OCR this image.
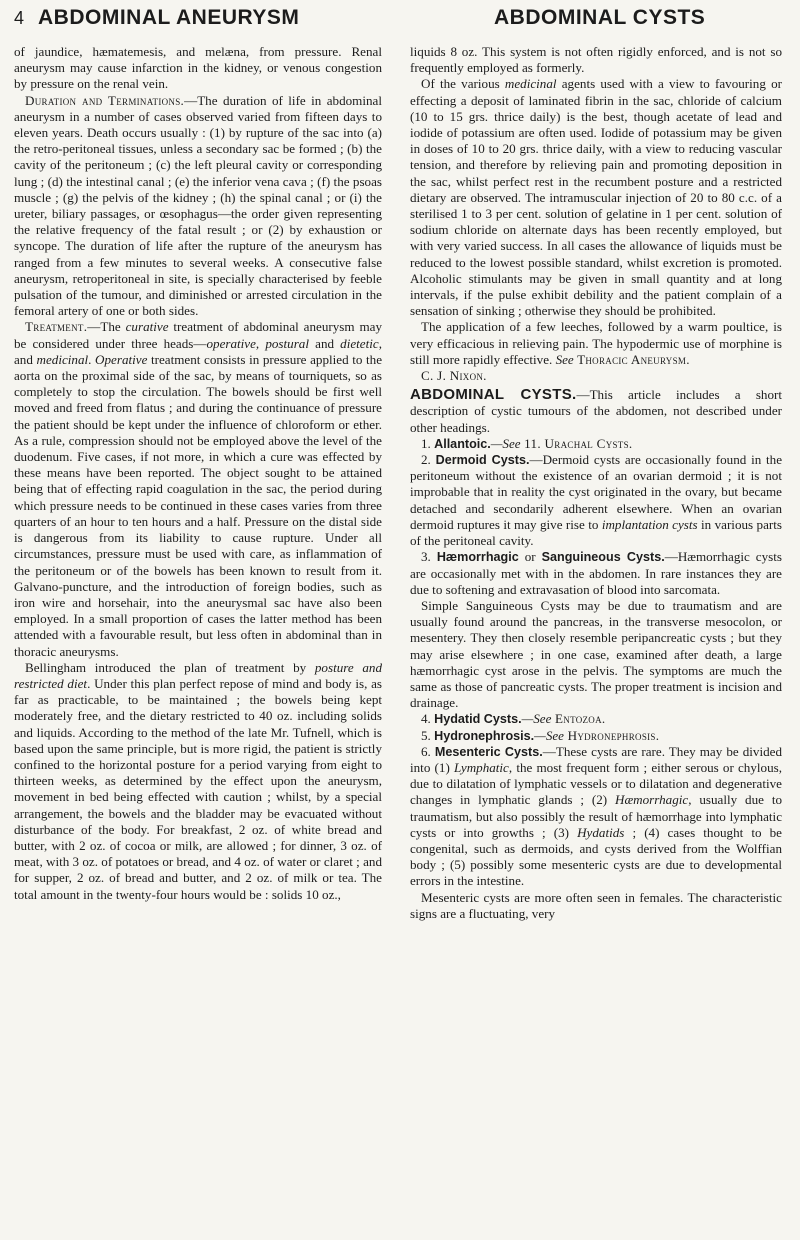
4 ABDOMINAL ANEURYSM	ABDOMINAL CYSTS

of jaundice, hæmatemesis, and melæna, from pressure. Renal aneurysm may cause infarction in the kidney, or venous congestion by pressure on the renal vein.

Duration and Terminations.—The duration of life in abdominal aneurysm in a number of cases observed varied from fifteen days to eleven years. Death occurs usually : (1) by rupture of the sac into (a) the retro-peritoneal tissues, unless a secondary sac be formed ; (b) the cavity of the peritoneum ; (c) the left pleural cavity or corresponding lung ; (d) the intestinal canal ; (e) the inferior vena cava ; (f) the psoas muscle ; (g) the pelvis of the kidney ; (h) the spinal canal ; or (i) the ureter, biliary passages, or œsophagus—the order given representing the relative frequency of the fatal result ; or (2) by exhaustion or syncope. The duration of life after the rupture of the aneurysm has ranged from a few minutes to several weeks. A consecutive false aneurysm, retroperitoneal in site, is specially characterised by feeble pulsation of the tumour, and diminished or arrested circulation in the femoral artery of one or both sides.

Treatment.—The curative treatment of abdominal aneurysm may be considered under three heads—operative, postural and dietetic, and medicinal. Operative treatment consists in pressure applied to the aorta on the proximal side of the sac, by means of tourniquets, so as completely to stop the circulation. The bowels should be first well moved and freed from flatus ; and during the continuance of pressure the patient should be kept under the influence of chloroform or ether. As a rule, compression should not be employed above the level of the duodenum. Five cases, if not more, in which a cure was effected by these means have been reported. The object sought to be attained being that of effecting rapid coagulation in the sac, the period during which pressure needs to be continued in these cases varies from three quarters of an hour to ten hours and a half. Pressure on the distal side is dangerous from its liability to cause rupture. Under all circumstances, pressure must be used with care, as inflammation of the peritoneum or of the bowels has been known to result from it. Galvano-puncture, and the introduction of foreign bodies, such as iron wire and horsehair, into the aneurysmal sac have also been employed. In a small proportion of cases the latter method has been attended with a favourable result, but less often in abdominal than in thoracic aneurysms.

Bellingham introduced the plan of treatment by posture and restricted diet. Under this plan perfect repose of mind and body is, as far as practicable, to be maintained ; the bowels being kept moderately free, and the dietary restricted to 40 oz. including solids and liquids. According to the method of the late Mr. Tufnell, which is based upon the same principle, but is more rigid, the patient is strictly confined to the horizontal posture for a period varying from eight to thirteen weeks, as determined by the effect upon the aneurysm, movement in bed being effected with caution ; whilst, by a special arrangement, the bowels and the bladder may be evacuated without disturbance of the body. For breakfast, 2 oz. of white bread and butter, with 2 oz. of cocoa or milk, are allowed ; for dinner, 3 oz. of meat, with 3 oz. of potatoes or bread, and 4 oz. of water or claret ; and for supper, 2 oz. of bread and butter, and 2 oz. of milk or tea. The total amount in the twenty-four hours would be : solids 10 oz.,

liquids 8 oz. This system is not often rigidly enforced, and is not so frequently employed as formerly.

Of the various medicinal agents used with a view to favouring or effecting a deposit of laminated fibrin in the sac, chloride of calcium (10 to 15 grs. thrice daily) is the best, though acetate of lead and iodide of potassium are often used. Iodide of potassium may be given in doses of 10 to 20 grs. thrice daily, with a view to reducing vascular tension, and therefore by relieving pain and promoting deposition in the sac, whilst perfect rest in the recumbent posture and a restricted dietary are observed. The intramuscular injection of 20 to 80 c.c. of a sterilised 1 to 3 per cent. solution of gelatine in 1 per cent. solution of sodium chloride on alternate days has been recently employed, but with very varied success. In all cases the allowance of liquids must be reduced to the lowest possible standard, whilst excretion is promoted. Alcoholic stimulants may be given in small quantity and at long intervals, if the pulse exhibit debility and the patient complain of a sensation of sinking ; otherwise they should be prohibited.

The application of a few leeches, followed by a warm poultice, is very efficacious in relieving pain. The hypodermic use of morphine is still more rapidly effective. See Thoracic Aneurysm.

C. J. Nixon.

ABDOMINAL CYSTS.—This article includes a short description of cystic tumours of the abdomen, not described under other headings.

1. Allantoic.—See 11. Urachal Cysts.

2. Dermoid Cysts.—Dermoid cysts are occasionally found in the peritoneum without the existence of an ovarian dermoid ; it is not improbable that in reality the cyst originated in the ovary, but became detached and secondarily adherent elsewhere. When an ovarian dermoid ruptures it may give rise to implantation cysts in various parts of the peritoneal cavity.

3. Hæmorrhagic or Sanguineous Cysts.—Hæmorrhagic cysts are occasionally met with in the abdomen. In rare instances they are due to softening and extravasation of blood into sarcomata.

Simple Sanguineous Cysts may be due to traumatism and are usually found around the pancreas, in the transverse mesocolon, or mesentery. They then closely resemble peripancreatic cysts ; but they may arise elsewhere ; in one case, examined after death, a large hæmorrhagic cyst arose in the pelvis. The symptoms are much the same as those of pancreatic cysts. The proper treatment is incision and drainage.

4. Hydatid Cysts.—See Entozoa.

5. Hydronephrosis.—See Hydronephrosis.

6. Mesenteric Cysts.—These cysts are rare. They may be divided into (1) Lymphatic, the most frequent form ; either serous or chylous, due to dilatation of lymphatic vessels or to dilatation and degenerative changes in lymphatic glands ; (2) Hæmorrhagic, usually due to traumatism, but also possibly the result of hæmorrhage into lymphatic cysts or into growths ; (3) Hydatids ; (4) cases thought to be congenital, such as dermoids, and cysts derived from the Wolffian body ; (5) possibly some mesenteric cysts are due to developmental errors in the intestine.

Mesenteric cysts are more often seen in females. The characteristic signs are a fluctuating, very
